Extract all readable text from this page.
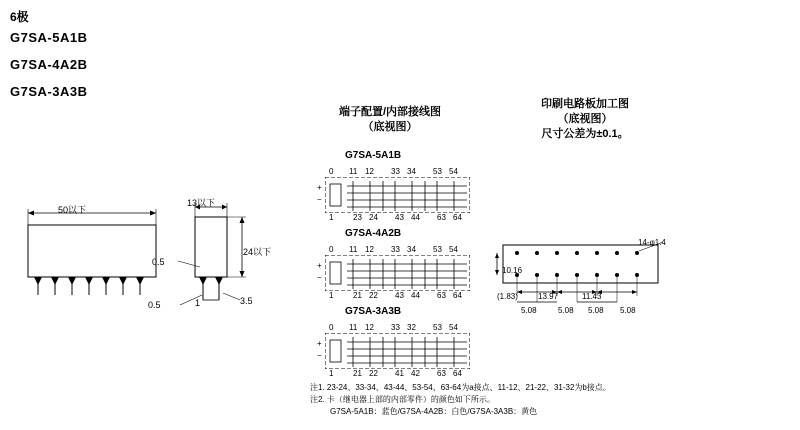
6极
G7SA-5A1B
G7SA-4A2B
G7SA-3A3B
端子配置/内部接线图
（底视图）
印刷电路板加工图
（底视图）
尺寸公差为±0.1。
50以下
13以下
24以下
0.5
0.5	1	3.5
G7SA-5A1B
0 11 12 33 34 53 54
+
−
1 23 24 43 44 63 64
G7SA-4A2B
0 11 12 33 34 53 54
+
−
1 21 22 43 44 63 64
G7SA-3A3B
0 11 12 33 32 53 54
+
−
1 21 22 41 42 63 64
14-φ1.4
10.16
(1.83)	13.97	11.43
5.08	5.08 5.08 5.08
注1. 23-24、33-34、43-44、53-54、63-64为a接点、11-12、21-22、31-32为b接点。
注2. 卡（继电器上部的内部零件）的颜色如下所示。
G7SA-5A1B：蓝色/G7SA-4A2B：白色/G7SA-3A3B：黄色
